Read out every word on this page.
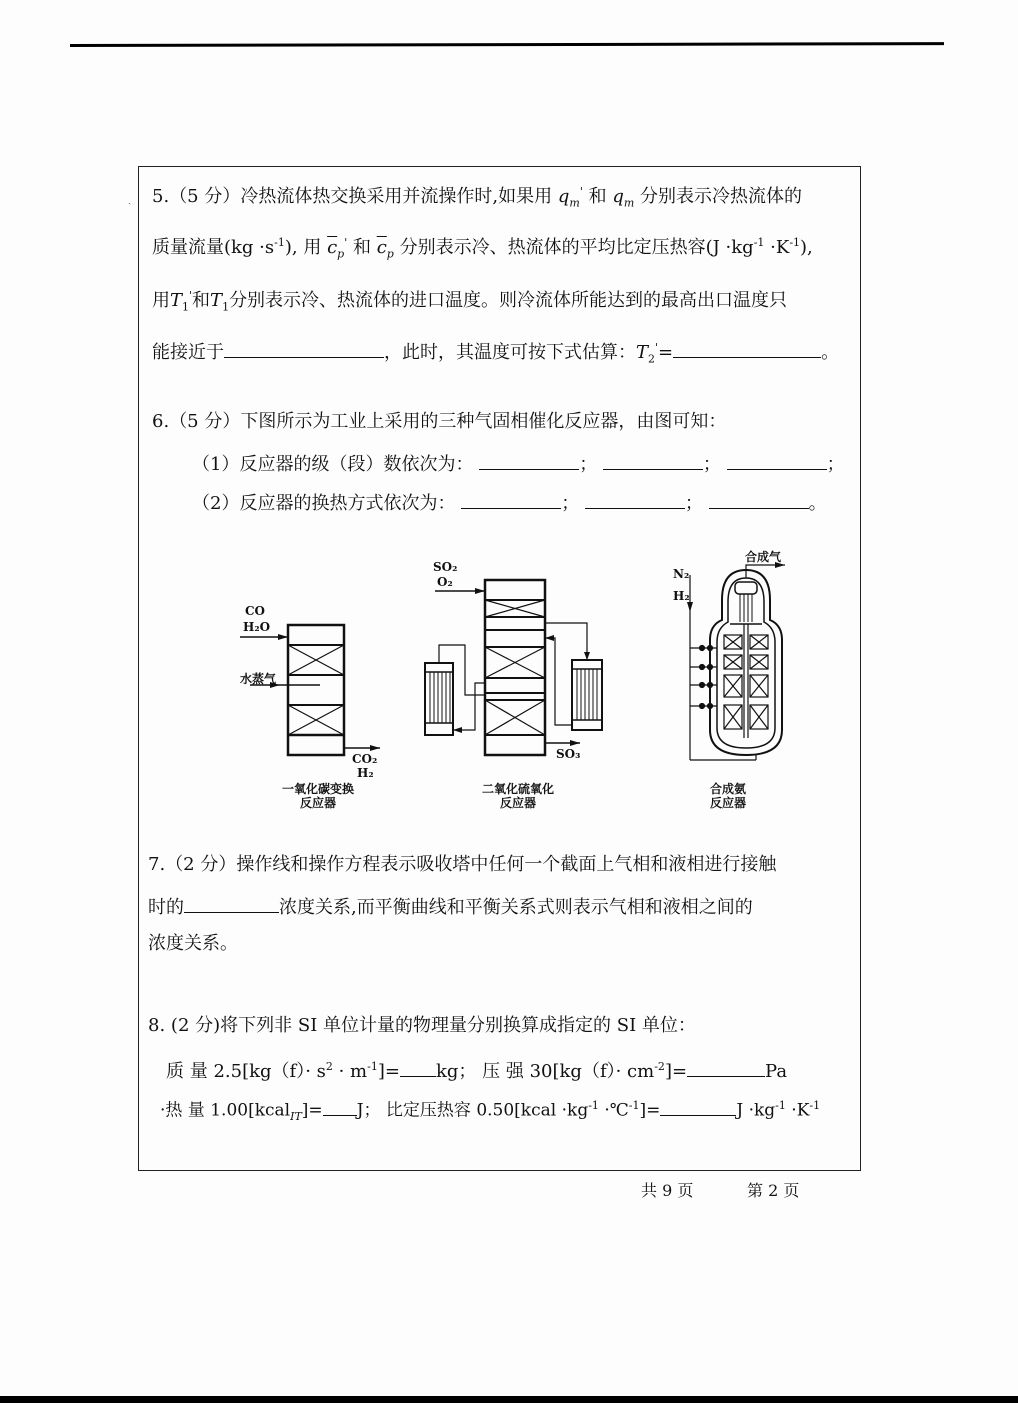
ˎ 5.（5 分）冷热流体热交换采用并流操作时,如果用 $q_m'$ 和 $q_m$ 分别表示冷热流体的
质量流量$(kg \cdot s^{-1})$, 用 $\overline{c}_p'$ 和 $\overline{c}_p$ 分别表示冷、热流体的平均比定压热容$(J \cdot kg^{-1} \cdot K^{-1})$,
用$T_1'$和$T_1$分别表示冷、热流体的进口温度。则冷流体所能达到的最高出口温度只
能接近于	，此时，其温度可按下式估算：$T_2'=$	。
6.（5 分）下图所示为工业上采用的三种气固相催化反应器，由图可知：
（1）反应器的级（段）数依次为：	；	；	；
（2）反应器的换热方式依次为：	；	；	。
CO
H₂O
水蒸气
CO₂
H₂
一氧化碳变换
反应器
SO₂
O₂
SO₃
二氧化硫氧化
反应器
N₂
H₂
合成气
合成氨
反应器
7.（2 分）操作线和操作方程表示吸收塔中任何一个截面上气相和液相进行接触
时的	浓度关系,而平衡曲线和平衡关系式则表示气相和液相之间的
浓度关系。
8. (2 分)将下列非 SI 单位计量的物理量分别换算成指定的 SI 单位：
质 量 $2.5[kg(f)\cdot s^2 \cdot m^{-1}]=$ kg； 压 强 $30[kg(f)\cdot cm^{-2}]=$	Pa
·热 量 1.00[kcal$_{IT}$]= J； 比定压热容 0.50[kcal $\cdot kg^{-1}$ ·℃$^{-1}$]=	$J \cdot kg^{-1} \cdot K^{-1}$
共 9 页	第 2 页
